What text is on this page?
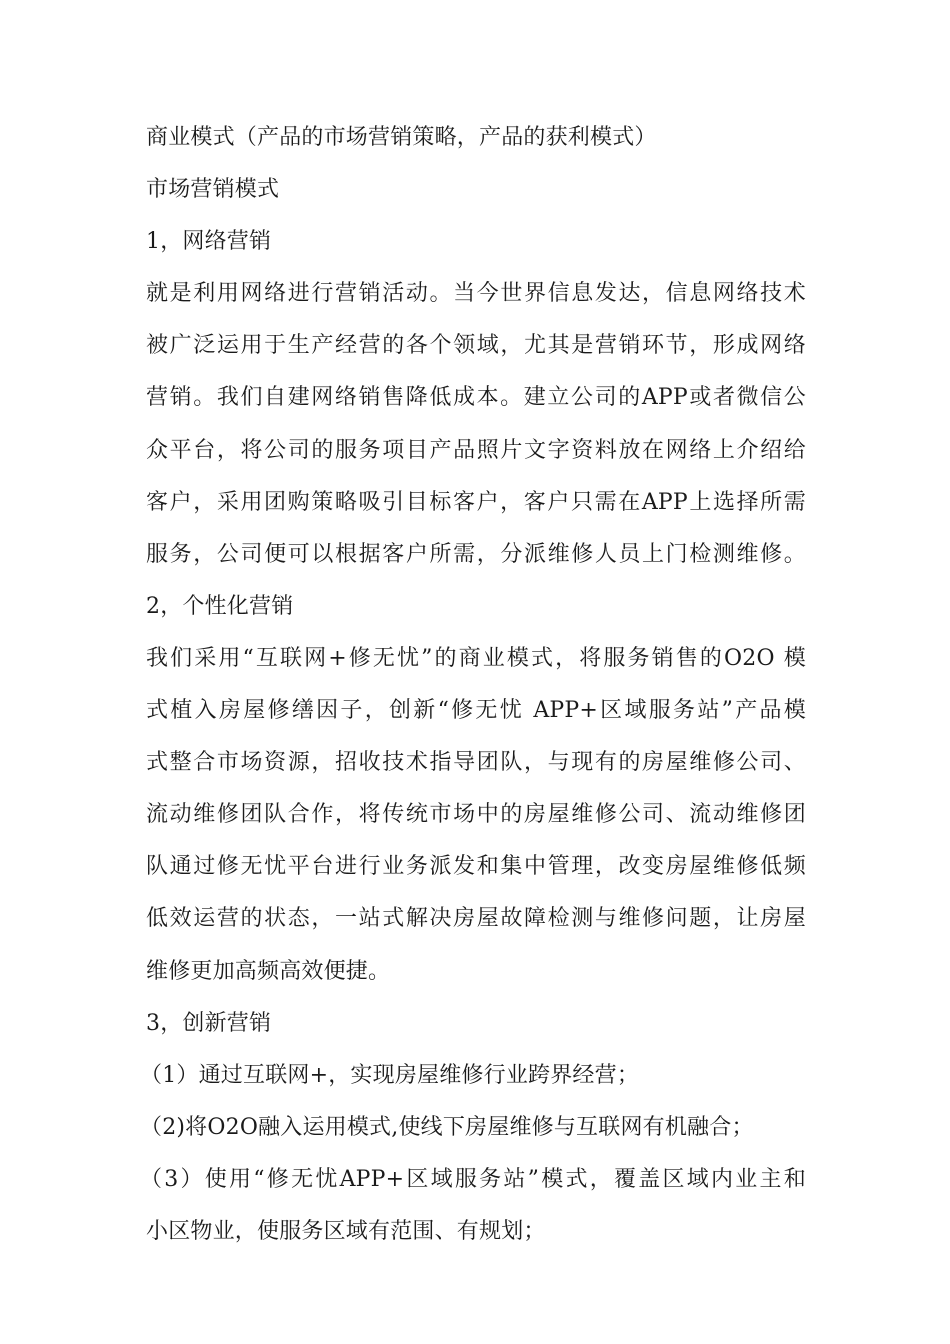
商业模式（产品的市场营销策略，产品的获利模式）
市场营销模式
1，网络营销
就是利用网络进行营销活动。当今世界信息发达，信息网络技术
被广泛运用于生产经营的各个领域，尤其是营销环节，形成网络
营销。我们自建网络销售降低成本。建立公司的APP或者微信公
众平台，将公司的服务项目产品照片文字资料放在网络上介绍给
客户，采用团购策略吸引目标客户，客户只需在APP上选择所需
服务，公司便可以根据客户所需，分派维修人员上门检测维修。
2，个性化营销
我们采用“互联网+修无忧”的商业模式，将服务销售的O2O 模
式植入房屋修缮因子，创新“修无忧 APP+区域服务站”产品模
式整合市场资源，招收技术指导团队，与现有的房屋维修公司、
流动维修团队合作，将传统市场中的房屋维修公司、流动维修团
队通过修无忧平台进行业务派发和集中管理，改变房屋维修低频
低效运营的状态，一站式解决房屋故障检测与维修问题，让房屋
维修更加高频高效便捷。
3，创新营销
（1）通过互联网+，实现房屋维修行业跨界经营；
（2)将O2O融入运用模式,使线下房屋维修与互联网有机融合；
（3）使用“修无忧APP+区域服务站”模式，覆盖区域内业主和
小区物业，使服务区域有范围、有规划；
